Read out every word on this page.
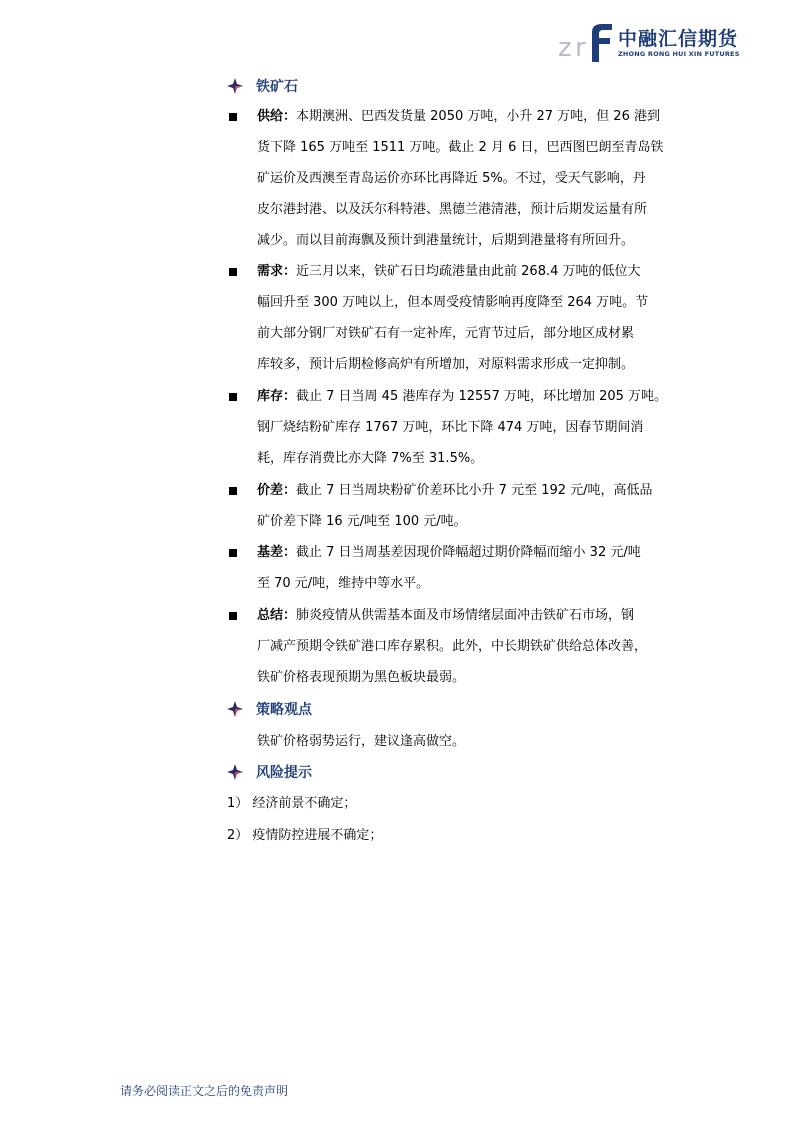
z r 中融汇信期货
ZHONG RONG HUI XIN FUTURES
铁矿石
供给：本期澳洲、巴西发货量 2050 万吨，小升 27 万吨，但 26 港到
货下降 165 万吨至 1511 万吨。截止 2 月 6 日，巴西图巴朗至青岛铁
矿运价及西澳至青岛运价亦环比再降近 5%。不过，受天气影响，丹
皮尔港封港、以及沃尔科特港、黑德兰港清港，预计后期发运量有所
减少。而以目前海飘及预计到港量统计，后期到港量将有所回升。
需求：近三月以来，铁矿石日均疏港量由此前 268.4 万吨的低位大
幅回升至 300 万吨以上，但本周受疫情影响再度降至 264 万吨。节
前大部分钢厂对铁矿石有一定补库，元宵节过后，部分地区成材累
库较多，预计后期检修高炉有所增加，对原料需求形成一定抑制。
库存：截止 7 日当周 45 港库存为 12557 万吨，环比增加 205 万吨。
钢厂烧结粉矿库存 1767 万吨，环比下降 474 万吨，因春节期间消
耗，库存消费比亦大降 7%至 31.5%。
价差：截止 7 日当周块粉矿价差环比小升 7 元至 192 元/吨，高低品
矿价差下降 16 元/吨至 100 元/吨。
基差：截止 7 日当周基差因现价降幅超过期价降幅而缩小 32 元/吨
至 70 元/吨，维持中等水平。
总结：肺炎疫情从供需基本面及市场情绪层面冲击铁矿石市场，钢
厂减产预期令铁矿港口库存累积。此外，中长期铁矿供给总体改善，
铁矿价格表现预期为黑色板块最弱。
策略观点
铁矿价格弱势运行，建议逢高做空。
风险提示
1） 经济前景不确定；
2） 疫情防控进展不确定；
请务必阅读正文之后的免责声明
